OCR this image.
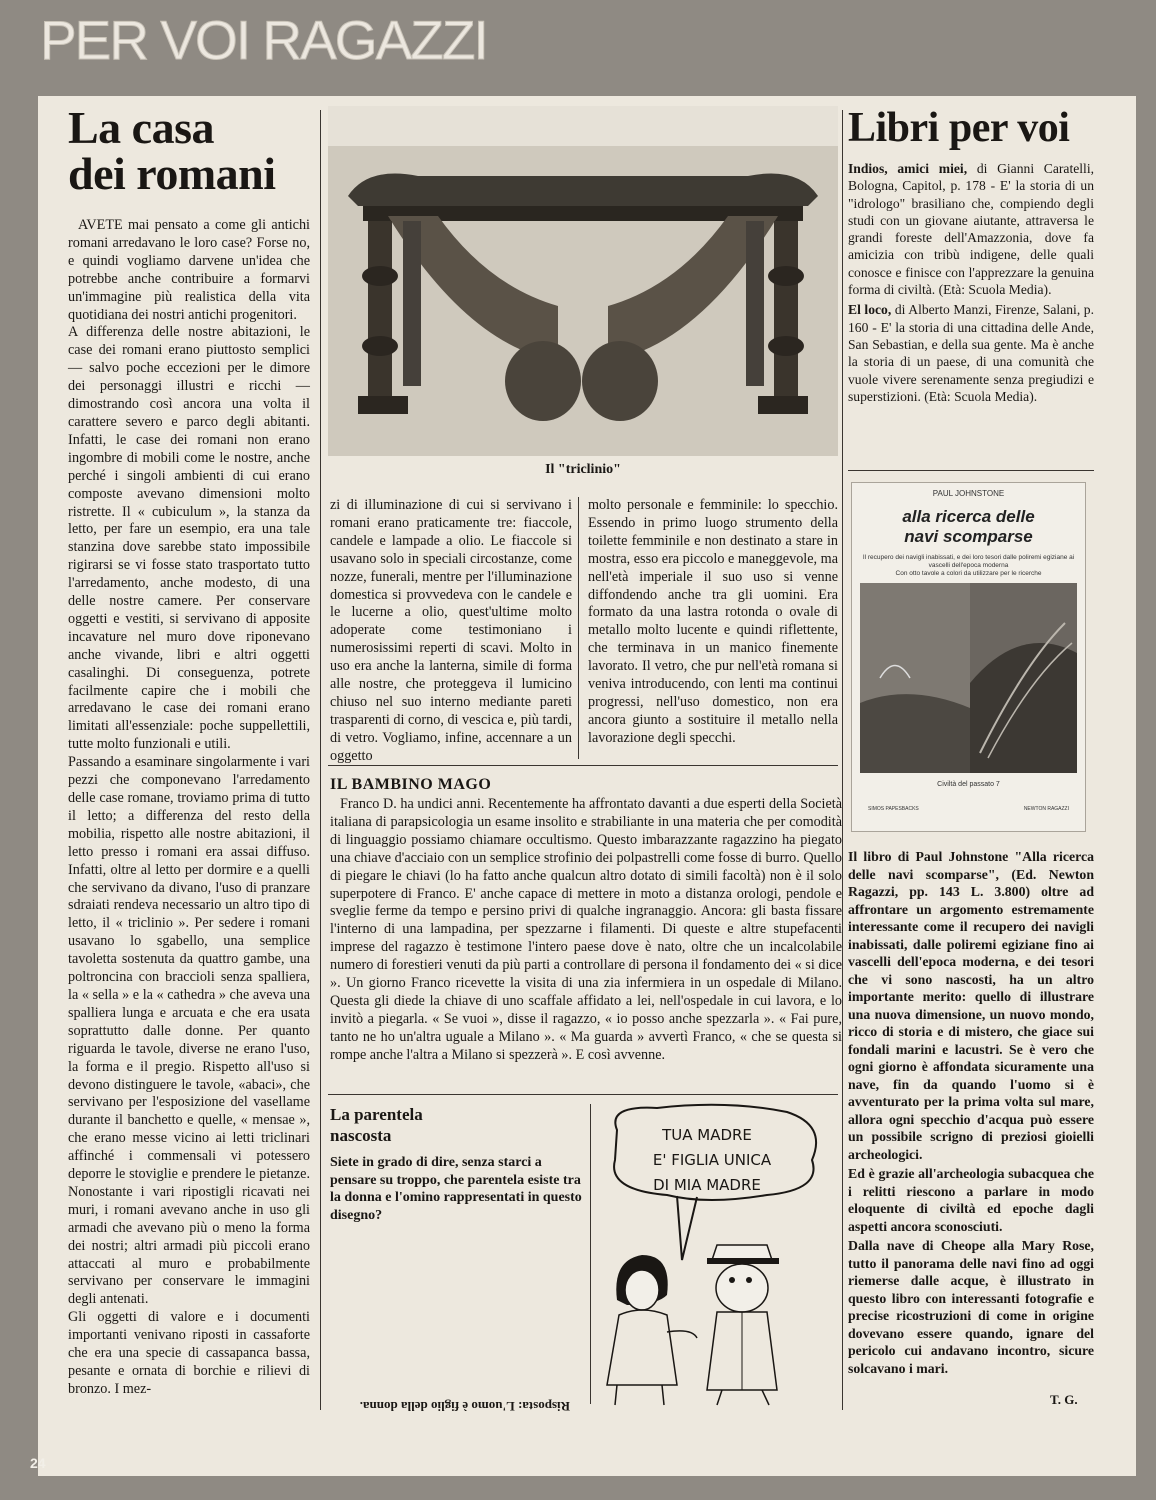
PER VOI RAGAZZI
La casa
dei romani

AVETE mai pensato a come gli antichi romani arredavano le loro case? Forse no, e quindi vogliamo darvene un'idea che potrebbe anche contribuire a formarvi un'immagine più realistica della vita quotidiana dei nostri antichi progenitori.

A differenza delle nostre abitazioni, le case dei romani erano piuttosto semplici — salvo poche eccezioni per le dimore dei personaggi illustri e ricchi — dimostrando così ancora una volta il carattere severo e parco degli abitanti. Infatti, le case dei romani non erano ingombre di mobili come le nostre, anche perché i singoli ambienti di cui erano composte avevano dimensioni molto ristrette. Il « cubiculum », la stanza da letto, per fare un esempio, era una tale stanzina dove sarebbe stato impossibile rigirarsi se vi fosse stato trasportato tutto l'arredamento, anche modesto, di una delle nostre camere. Per conservare oggetti e vestiti, si servivano di apposite incavature nel muro dove riponevano anche vivande, libri e altri oggetti casalinghi. Di conseguenza, potrete facilmente capire che i mobili che arredavano le case dei romani erano limitati all'essenziale: poche suppellettili, tutte molto funzionali e utili.

Passando a esaminare singolarmente i vari pezzi che componevano l'arredamento delle case romane, troviamo prima di tutto il letto; a differenza del resto della mobilia, rispetto alle nostre abitazioni, il letto presso i romani era assai diffuso. Infatti, oltre al letto per dormire e a quelli che servivano da divano, l'uso di pranzare sdraiati rendeva necessario un altro tipo di letto, il « triclinio ». Per sedere i romani usavano lo sgabello, una semplice tavoletta sostenuta da quattro gambe, una poltroncina con braccioli senza spalliera, la « sella » e la « cathedra » che aveva una spalliera lunga e arcuata e che era usata soprattutto dalle donne. Per quanto riguarda le tavole, diverse ne erano l'uso, la forma e il pregio. Rispetto all'uso si devono distinguere le tavole, «abaci», che servivano per l'esposizione del vasellame durante il banchetto e quelle, « mensae », che erano messe vicino ai letti triclinari affinché i commensali vi potessero deporre le stoviglie e prendere le pietanze. Nonostante i vari ripostigli ricavati nei muri, i romani avevano anche in uso gli armadi che avevano più o meno la forma dei nostri; altri armadi più piccoli erano attaccati al muro e probabilmente servivano per conservare le immagini degli antenati.

Gli oggetti di valore e i documenti importanti venivano riposti in cassaforte che era una specie di cassapanca bassa, pesante e ornata di borchie e rilievi di bronzo. I mez-

Il "triclinio"
zi di illuminazione di cui si servivano i romani erano praticamente tre: fiaccole, candele e lampade a olio. Le fiaccole si usavano solo in speciali circostanze, come nozze, funerali, mentre per l'illuminazione domestica si provvedeva con le candele e le lucerne a olio, quest'ultime molto adoperate come testimoniano i numerosissimi reperti di scavi. Molto in uso era anche la lanterna, simile di forma alle nostre, che proteggeva il lumicino chiuso nel suo interno mediante pareti trasparenti di corno, di vescica e, più tardi, di vetro. Vogliamo, infine, accennare a un oggetto
molto personale e femminile: lo specchio. Essendo in primo luogo strumento della toilette femminile e non destinato a stare in mostra, esso era piccolo e maneggevole, ma nell'età imperiale il suo uso si venne diffondendo anche tra gli uomini. Era formato da una lastra rotonda o ovale di metallo molto lucente e quindi riflettente, che terminava in un manico finemente lavorato. Il vetro, che pur nell'età romana si veniva introducendo, con lenti ma continui progressi, nell'uso domestico, non era ancora giunto a sostituire il metallo nella lavorazione degli specchi.
IL BAMBINO MAGO
Franco D. ha undici anni. Recentemente ha affrontato davanti a due esperti della Società italiana di parapsicologia un esame insolito e strabiliante in una materia che per comodità di linguaggio possiamo chiamare occultismo. Questo imbarazzante ragazzino ha piegato una chiave d'acciaio con un semplice strofinio dei polpastrelli come fosse di burro. Quello di piegare le chiavi (lo ha fatto anche qualcun altro dotato di simili facoltà) non è il solo superpotere di Franco. E' anche capace di mettere in moto a distanza orologi, pendole e sveglie ferme da tempo e persino privi di qualche ingranaggio. Ancora: gli basta fissare l'interno di una lampadina, per spezzarne i filamenti. Di queste e altre stupefacenti imprese del ragazzo è testimone l'intero paese dove è nato, oltre che un incalcolabile numero di forestieri venuti da più parti a controllare di persona il fondamento dei « si dice ». Un giorno Franco ricevette la visita di una zia infermiera in un ospedale di Milano. Questa gli diede la chiave di uno scaffale affidato a lei, nell'ospedale in cui lavora, e lo invitò a piegarla. « Se vuoi », disse il ragazzo, « io posso anche spezzarla ». « Fai pure, tanto ne ho un'altra uguale a Milano ». « Ma guarda » avvertì Franco, « che se questa si rompe anche l'altra a Milano si spezzerà ». E così avvenne.
La parentela
nascosta

Siete in grado di dire, senza starci a pensare su troppo, che parentela esiste tra la donna e l'omino rappresentati in questo disegno?

Risposta: L'uomo è figlio della donna.
TUA MADRE
E' FIGLIA UNICA
DI MIA MADRE
Libri per voi

Indios, amici miei, di Gianni Caratelli, Bologna, Capitol, p. 178 - E' la storia di un "idrologo" brasiliano che, compiendo degli studi con un giovane aiutante, attraversa le grandi foreste dell'Amazzonia, dove fa amicizia con tribù indigene, delle quali conosce e finisce con l'apprezzare la genuina forma di civiltà. (Età: Scuola Media).

El loco, di Alberto Manzi, Firenze, Salani, p. 160 - E' la storia di una cittadina delle Ande, San Sebastian, e della sua gente. Ma è anche la storia di un paese, di una comunità che vuole vivere serenamente senza pregiudizi e superstizioni. (Età: Scuola Media).

PAUL JOHNSTONE
alla ricerca delle
navi scomparse
Il recupero dei navigli inabissati, e dei loro tesori dalle poliremi egiziane ai vascelli dell'epoca moderna
Con otto tavole a colori da utilizzare per le ricerche
Civiltà del passato 7
SIMOS PAPESBACKS	NEWTON RAGAZZI

Il libro di Paul Johnstone "Alla ricerca delle navi scomparse", (Ed. Newton Ragazzi, pp. 143 L. 3.800) oltre ad affrontare un argomento estremamente interessante come il recupero dei navigli inabissati, dalle poliremi egiziane fino ai vascelli dell'epoca moderna, e dei tesori che vi sono nascosti, ha un altro importante merito: quello di illustrare una nuova dimensione, un nuovo mondo, ricco di storia e di mistero, che giace sui fondali marini e lacustri. Se è vero che ogni giorno è affondata sicuramente una nave, fin da quando l'uomo si è avventurato per la prima volta sul mare, allora ogni specchio d'acqua può essere un possibile scrigno di preziosi gioielli archeologici.

Ed è grazie all'archeologia subacquea che i relitti riescono a parlare in modo eloquente di civiltà ed epoche dagli aspetti ancora sconosciuti.

Dalla nave di Cheope alla Mary Rose, tutto il panorama delle navi fino ad oggi riemerse dalle acque, è illustrato in questo libro con interessanti fotografie e precise ricostruzioni di come in origine dovevano essere quando, ignare del pericolo cui andavano incontro, sicure solcavano i mari.

T. G.
24
